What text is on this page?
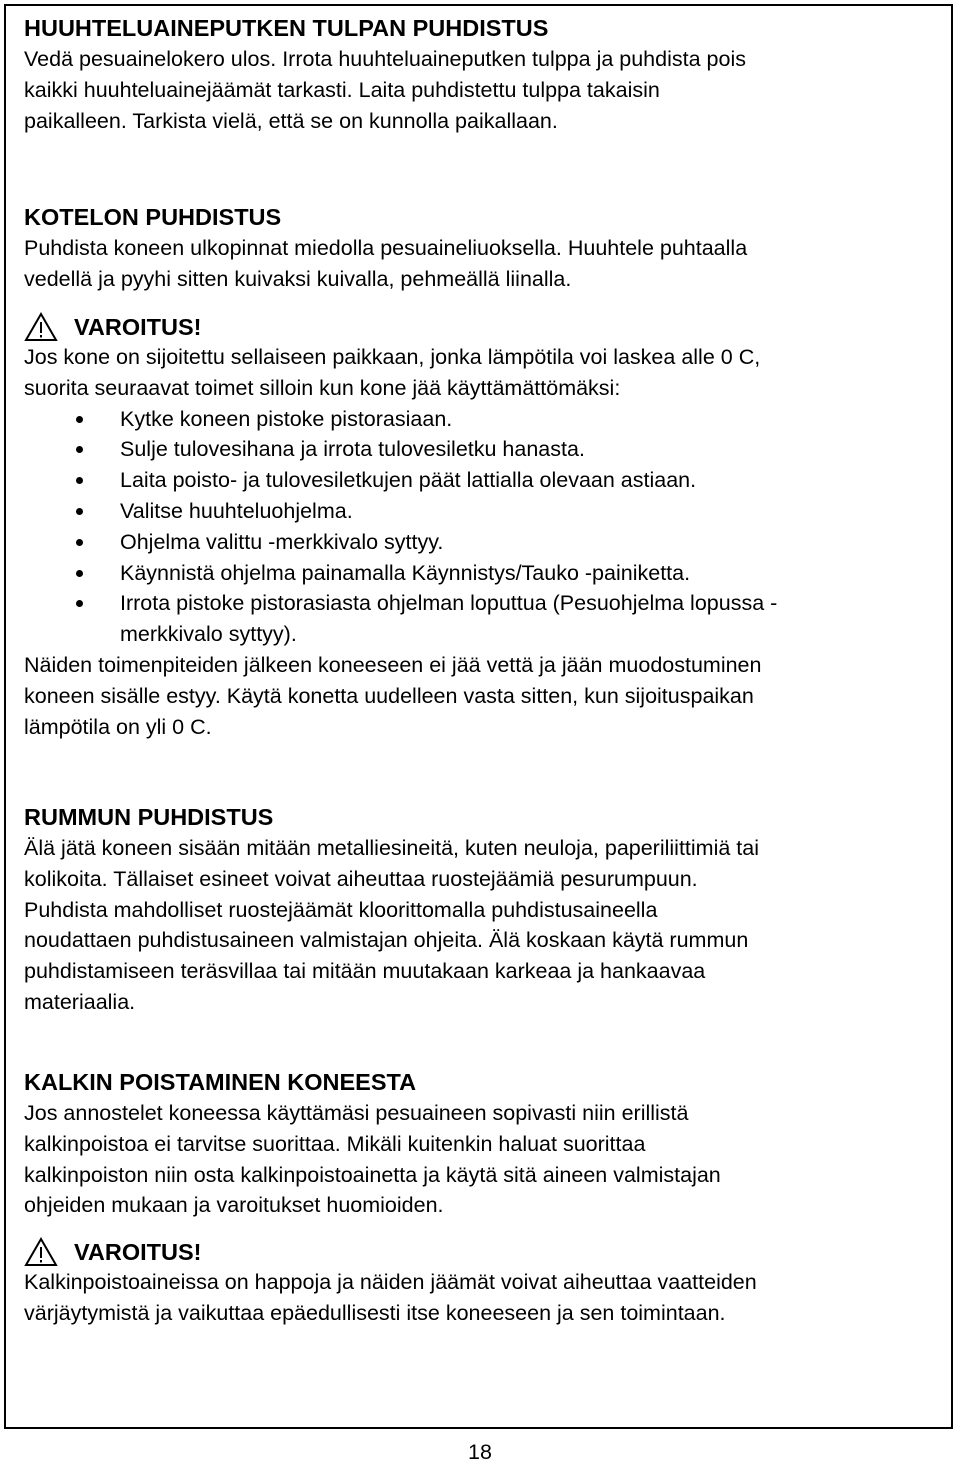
HUUHTELUAINEPUTKEN TULPAN PUHDISTUS

Vedä pesuainelokero ulos. Irrota huuhteluaineputken tulppa ja puhdista pois

kaikki huuhteluainejäämät tarkasti. Laita puhdistettu tulppa takaisin

paikalleen. Tarkista vielä, että se on kunnolla paikallaan.

KOTELON PUHDISTUS

Puhdista koneen ulkopinnat miedolla pesuaineliuoksella. Huuhtele puhtaalla

vedellä ja pyyhi sitten kuivaksi kuivalla, pehmeällä liinalla.

VAROITUS!

Jos kone on sijoitettu sellaiseen paikkaan, jonka lämpötila voi laskea alle 0 C,

suorita seuraavat toimet silloin kun kone jää käyttämättömäksi:

Kytke koneen pistoke pistorasiaan.
Sulje tulovesihana ja irrota tulovesiletku hanasta.
Laita poisto- ja tulovesiletkujen päät lattialla olevaan astiaan.
Valitse huuhteluohjelma.
Ohjelma valittu -merkkivalo syttyy.
Käynnistä ohjelma painamalla Käynnistys/Tauko -painiketta.
Irrota pistoke pistorasiasta ohjelman loputtua (Pesuohjelma lopussa -
merkkivalo syttyy).

Näiden toimenpiteiden jälkeen koneeseen ei jää vettä ja jään muodostuminen

koneen sisälle estyy. Käytä konetta uudelleen vasta sitten, kun sijoituspaikan

lämpötila on yli 0 C.

RUMMUN PUHDISTUS

Älä jätä koneen sisään mitään metalliesineitä, kuten neuloja, paperiliittimiä tai

kolikoita. Tällaiset esineet voivat aiheuttaa ruostejäämiä pesurumpuun.

Puhdista mahdolliset ruostejäämät kloorittomalla puhdistusaineella

noudattaen puhdistusaineen valmistajan ohjeita. Älä koskaan käytä rummun

puhdistamiseen teräsvillaa tai mitään muutakaan karkeaa ja hankaavaa

materiaalia.

KALKIN POISTAMINEN KONEESTA

Jos annostelet koneessa käyttämäsi pesuaineen sopivasti niin erillistä

kalkinpoistoa ei tarvitse suorittaa. Mikäli kuitenkin haluat suorittaa

kalkinpoiston niin osta kalkinpoistoainetta ja käytä sitä aineen valmistajan

ohjeiden mukaan ja varoitukset huomioiden.

VAROITUS!

Kalkinpoistoaineissa on happoja ja näiden jäämät voivat aiheuttaa vaatteiden

värjäytymistä ja vaikuttaa epäedullisesti itse koneeseen ja sen toimintaan.

18
